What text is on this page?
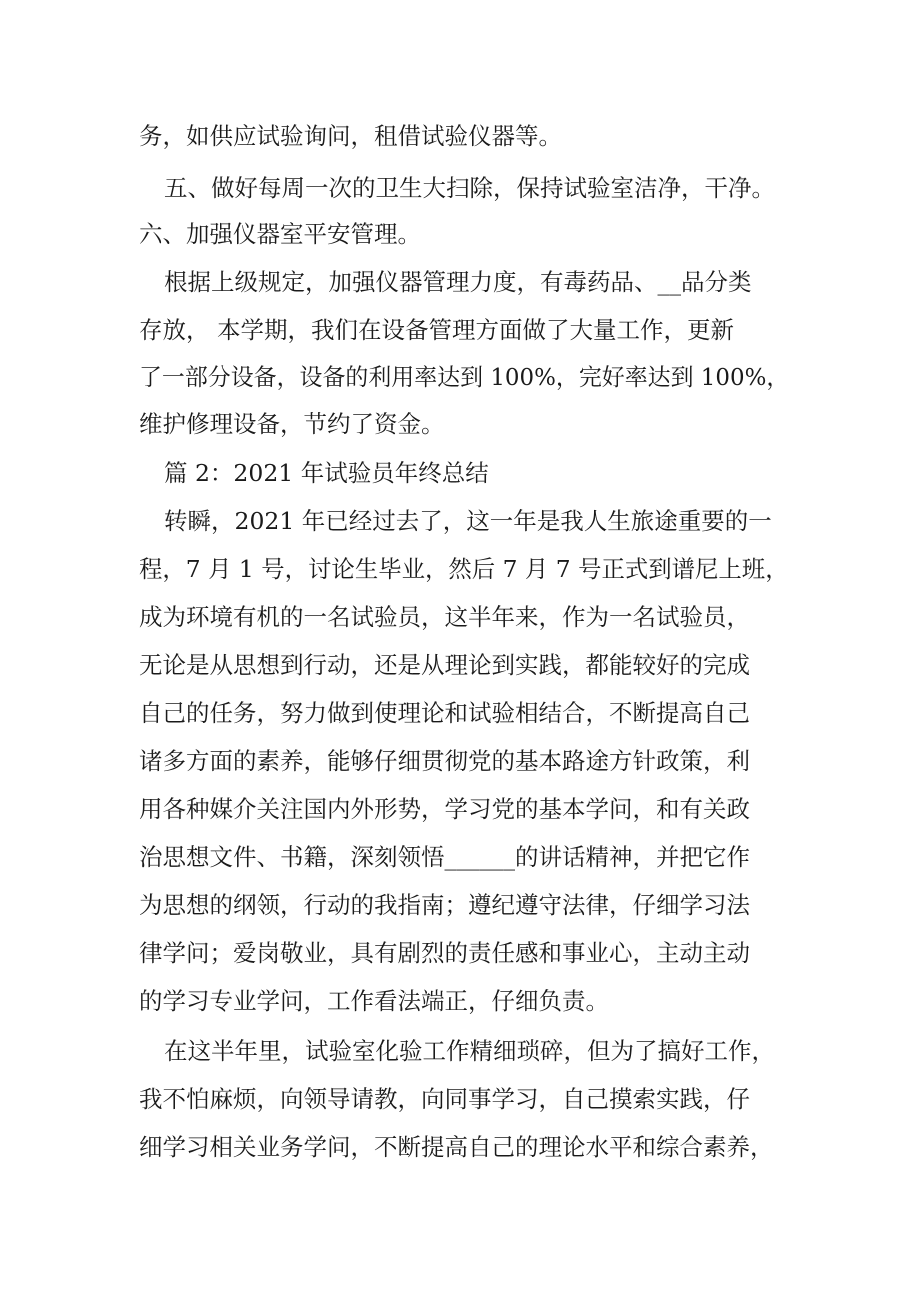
务，如供应试验询问，租借试验仪器等。
五、做好每周一次的卫生大扫除，保持试验室洁净，干净。
六、加强仪器室平安管理。
根据上级规定，加强仪器管理力度，有毒药品、__品分类
存放， 本学期，我们在设备管理方面做了大量工作，更新
了一部分设备，设备的利用率达到 100%，完好率达到 100%，
维护修理设备，节约了资金。
篇 2：2021 年试验员年终总结
转瞬，2021 年已经过去了，这一年是我人生旅途重要的一
程，7 月 1 号，讨论生毕业，然后 7 月 7 号正式到谱尼上班，
成为环境有机的一名试验员，这半年来，作为一名试验员，
无论是从思想到行动，还是从理论到实践，都能较好的完成
自己的任务，努力做到使理论和试验相结合，不断提高自己
诸多方面的素养，能够仔细贯彻党的基本路途方针政策，利
用各种媒介关注国内外形势，学习党的基本学问，和有关政
治思想文件、书籍，深刻领悟______的讲话精神，并把它作
为思想的纲领，行动的我指南；遵纪遵守法律，仔细学习法
律学问；爱岗敬业，具有剧烈的责任感和事业心，主动主动
的学习专业学问，工作看法端正，仔细负责。
在这半年里，试验室化验工作精细琐碎，但为了搞好工作，
我不怕麻烦，向领导请教，向同事学习，自己摸索实践，仔
细学习相关业务学问，不断提高自己的理论水平和综合素养，
